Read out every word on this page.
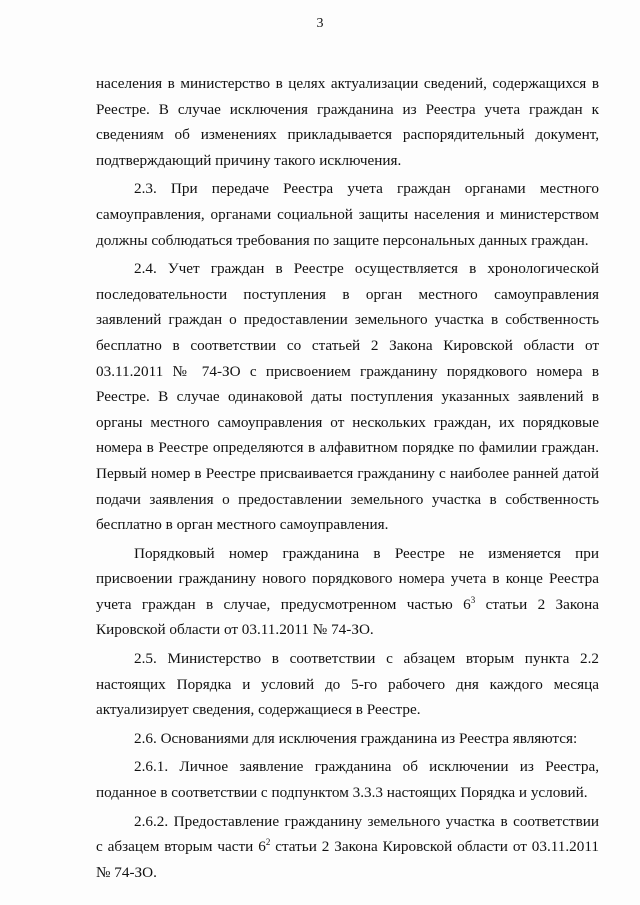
3

населения в министерство в целях актуализации сведений, содержащихся в Реестре. В случае исключения гражданина из Реестра учета граждан к сведениям об изменениях прикладывается распорядительный документ, подтверждающий причину такого исключения.

2.3. При передаче Реестра учета граждан органами местного самоуправления, органами социальной защиты населения и министерством должны соблюдаться требования по защите персональных данных граждан.

2.4. Учет граждан в Реестре осуществляется в хронологической последовательности поступления в орган местного самоуправления заявлений граждан о предоставлении земельного участка в собственность бесплатно в соответствии со статьей 2 Закона Кировской области от 03.11.2011 № 74-ЗО с присвоением гражданину порядкового номера в Реестре. В случае одинаковой даты поступления указанных заявлений в органы местного самоуправления от нескольких граждан, их порядковые номера в Реестре определяются в алфавитном порядке по фамилии граждан. Первый номер в Реестре присваивается гражданину с наиболее ранней датой подачи заявления о предоставлении земельного участка в собственность бесплатно в орган местного самоуправления.

Порядковый номер гражданина в Реестре не изменяется при присвоении гражданину нового порядкового номера учета в конце Реестра учета граждан в случае, предусмотренном частью $6^3$ статьи 2 Закона Кировской области от 03.11.2011 № 74-ЗО.

2.5. Министерство в соответствии с абзацем вторым пункта 2.2 настоящих Порядка и условий до 5-го рабочего дня каждого месяца актуализирует сведения, содержащиеся в Реестре.

2.6. Основаниями для исключения гражданина из Реестра являются:

2.6.1. Личное заявление гражданина об исключении из Реестра, поданное в соответствии с подпунктом 3.3.3 настоящих Порядка и условий.

2.6.2. Предоставление гражданину земельного участка в соответствии с абзацем вторым части $6^2$ статьи 2 Закона Кировской области от 03.11.2011 № 74-ЗО.
